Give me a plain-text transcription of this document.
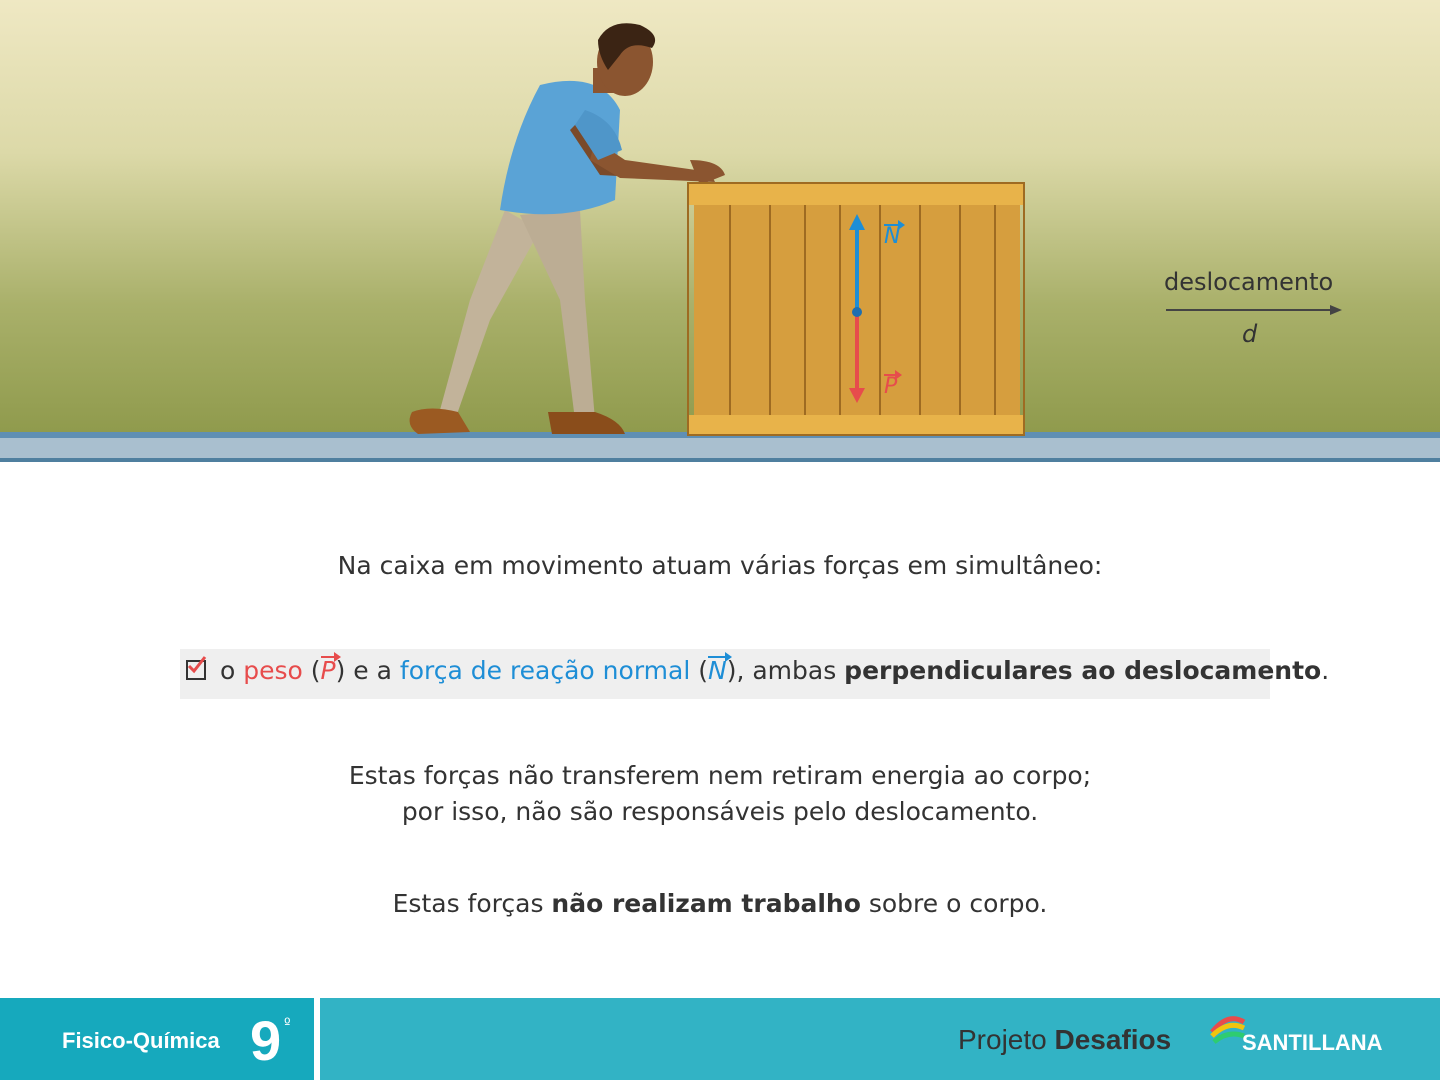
N
P
deslocamento
d
Na caixa em movimento atuam várias forças em simultâneo:
o peso (P) e a força de reação normal (N), ambas perpendiculares ao deslocamento.
Estas forças não transferem nem retiram energia ao corpo;
por isso, não são responsáveis pelo deslocamento.
Estas forças não realizam trabalho sobre o corpo.
Fisico-Química 9 º	Projeto Desafios	SANTILLANA
